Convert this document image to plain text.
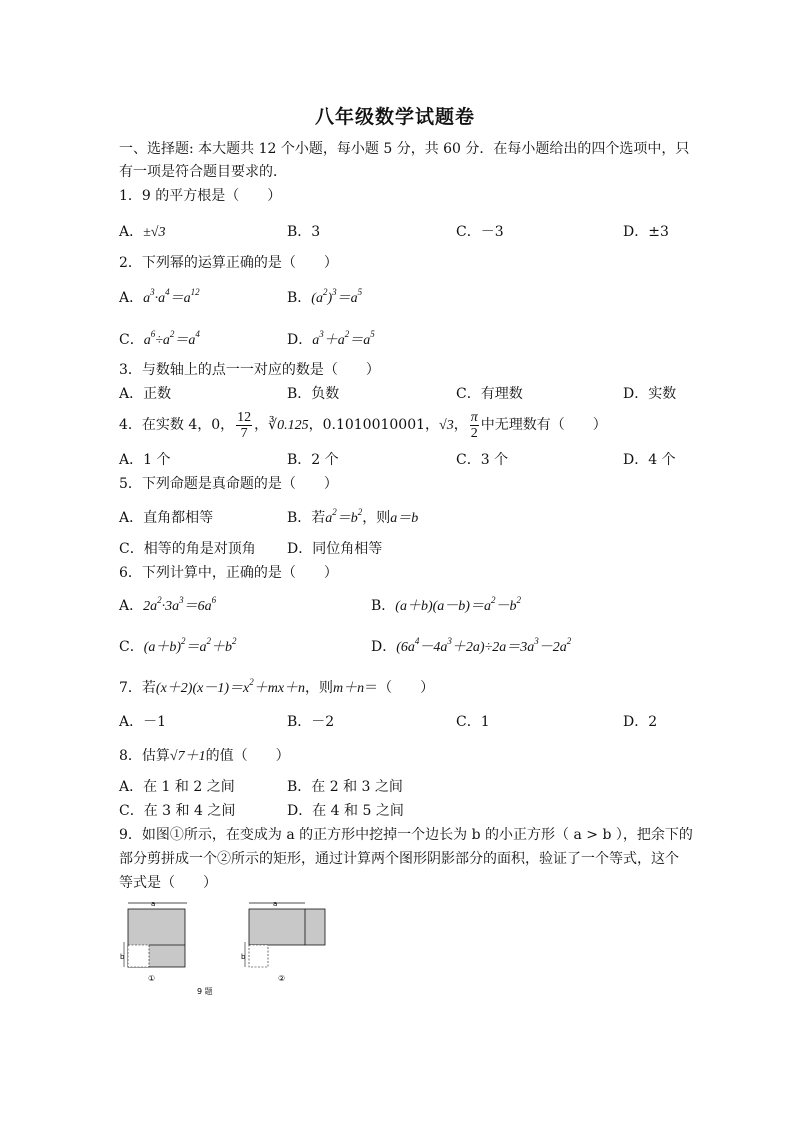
八年级数学试题卷
一、选择题: 本大题共 12 个小题，每小题 5 分，共 60 分．在每小题给出的四个选项中，只
有一项是符合题目要求的．
1．9 的平方根是（　　）
A．±√3	B．3	C．－3	D．±3
2．下列幂的运算正确的是（　　）
A．$a^3\cdot a^4=a^{12}$	B．$(a^2)^3=a^5$
C．$a^6\div a^2=a^4$	D．$a^3+a^2=a^5$
3．与数轴上的点一一对应的数是（　　）
A．正数	B．负数	C．有理数	D．实数
4．在实数 4，0， $\frac{12}{7}$ ，∛0.125，0.1010010001，√3， $\frac{\pi}{2}$ 中无理数有（　　）
A．1 个	B．2 个	C．3 个	D．4 个
5．下列命题是真命题的是（　　）
A．直角都相等	B．若$a^2=b^2$，则a＝b
C．相等的角是对顶角 D．同位角相等
6．下列计算中，正确的是（　　）
A．$2a^2\cdot 3a^3=6a^6$	B．$(a+b)(a-b)=a^2-b^2$
C．$(a+b)^2=a^2+b^2$	D．$(6a^4-4a^3+2a)\div 2a=3a^3-2a^2$
7．若$(x+2)(x-1)=x^2+mx+n$，则m＋n＝（　　）
A．－1	B．－2	C．1	D．2
8．估算√7＋1的值（　　）
A．在 1 和 2 之间	B．在 2 和 3 之间
C．在 3 和 4 之间	D．在 4 和 5 之间
9．如图①所示，在变成为 a 的正方形中挖掉一个边长为 b 的小正方形（ a > b ），把余下的
部分剪拼成一个②所示的矩形，通过计算两个图形阴影部分的面积，验证了一个等式，这个
等式是（　　）
a
b
①
a
b
②
9 题
